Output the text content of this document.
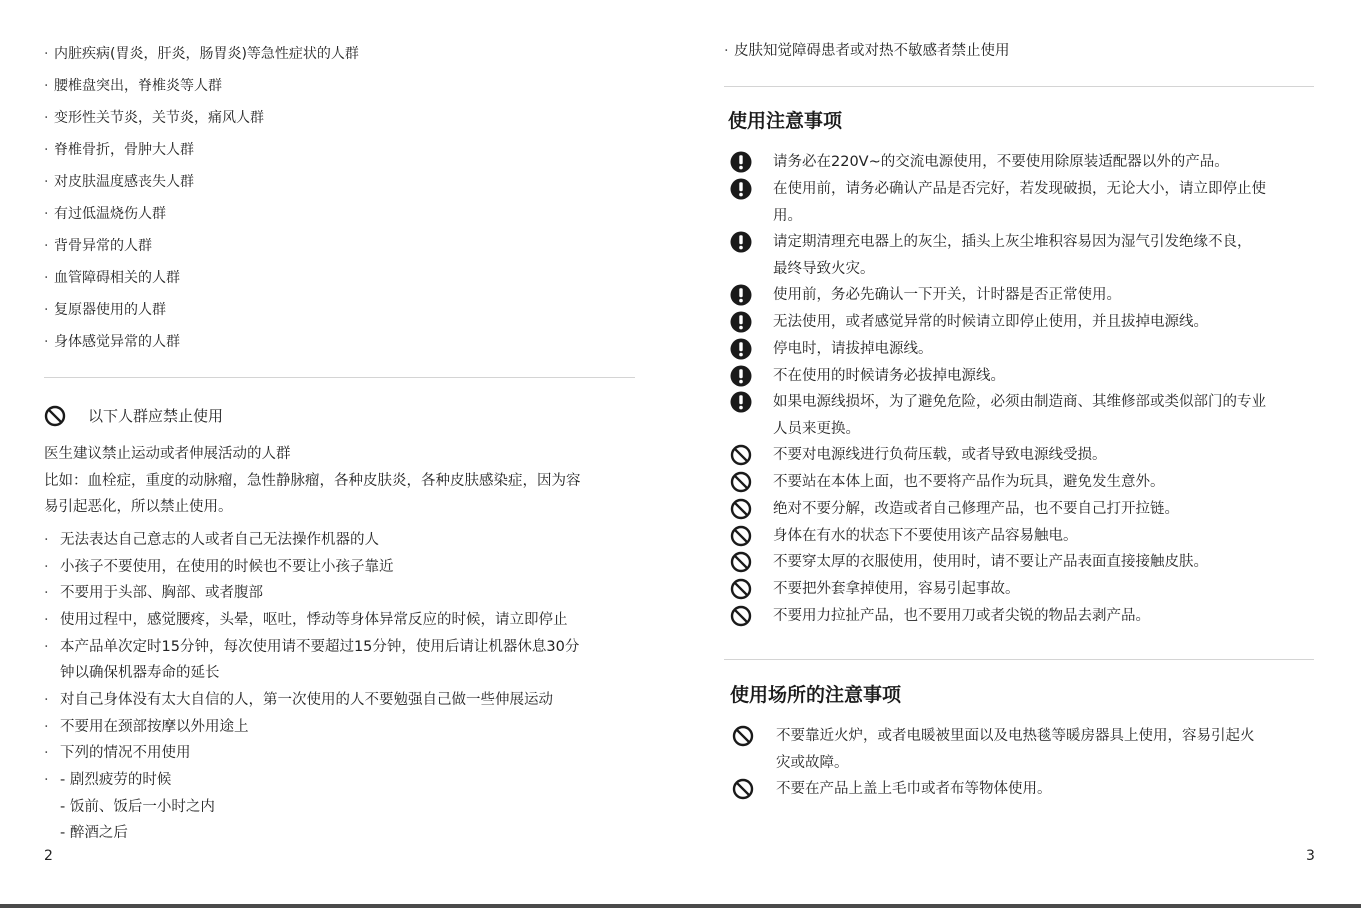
· 内脏疾病(胃炎，肝炎，肠胃炎)等急性症状的人群
· 腰椎盘突出，脊椎炎等人群
· 变形性关节炎，关节炎，痛风人群
· 脊椎骨折，骨肿大人群
· 对皮肤温度感丧失人群
· 有过低温烧伤人群
· 背骨异常的人群
· 血管障碍相关的人群
· 复原器使用的人群
· 身体感觉异常的人群
以下人群应禁止使用
医生建议禁止运动或者伸展活动的人群
比如：血栓症，重度的动脉瘤，急性静脉瘤，各种皮肤炎，各种皮肤感染症，因为容
易引起恶化，所以禁止使用。
· 无法表达自己意志的人或者自己无法操作机器的人
· 小孩子不要使用，在使用的时候也不要让小孩子靠近
· 不要用于头部、胸部、或者腹部
· 使用过程中，感觉腰疼，头晕，呕吐，悸动等身体异常反应的时候，请立即停止
· 本产品单次定时15分钟，每次使用请不要超过15分钟，使用后请让机器休息30分
钟以确保机器寿命的延长
· 对自己身体没有太大自信的人，第一次使用的人不要勉强自己做一些伸展运动
· 不要用在颈部按摩以外用途上
· 下列的情况不用使用
· - 剧烈疲劳的时候
- 饭前、饭后一小时之内
- 醉酒之后
2
· 皮肤知觉障碍患者或对热不敏感者禁止使用
使用注意事项
请务必在220V~的交流电源使用，不要使用除原装适配器以外的产品。
在使用前，请务必确认产品是否完好，若发现破损，无论大小，请立即停止使
用。
请定期清理充电器上的灰尘，插头上灰尘堆积容易因为湿气引发绝缘不良，
最终导致火灾。
使用前，务必先确认一下开关，计时器是否正常使用。
无法使用，或者感觉异常的时候请立即停止使用，并且拔掉电源线。
停电时，请拔掉电源线。
不在使用的时候请务必拔掉电源线。
如果电源线损坏，为了避免危险，必须由制造商、其维修部或类似部门的专业
人员来更换。
不要对电源线进行负荷压载，或者导致电源线受损。
不要站在本体上面，也不要将产品作为玩具，避免发生意外。
绝对不要分解，改造或者自己修理产品，也不要自己打开拉链。
身体在有水的状态下不要使用该产品容易触电。
不要穿太厚的衣服使用，使用时，请不要让产品表面直接接触皮肤。
不要把外套拿掉使用，容易引起事故。
不要用力拉扯产品，也不要用刀或者尖锐的物品去剥产品。
使用场所的注意事项
不要靠近火炉，或者电暖被里面以及电热毯等暖房器具上使用，容易引起火
灾或故障。
不要在产品上盖上毛巾或者布等物体使用。
3
